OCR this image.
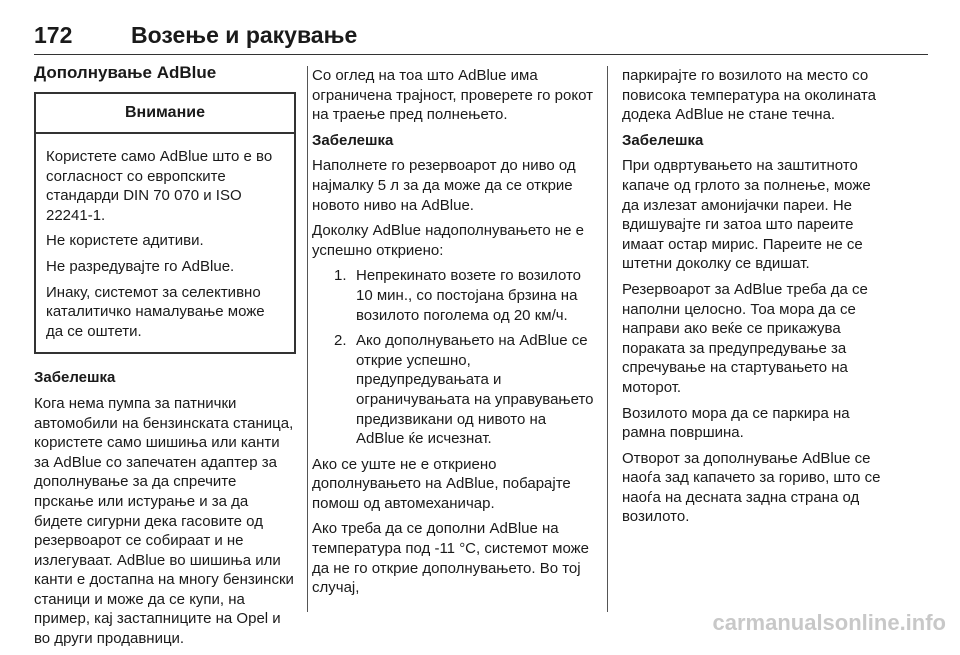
172	Возење и ракување
Дополнување AdBlue
Внимание

Користете само AdBlue што е во согласност со европските стандарди DIN 70 070 и ISO 22241-1.

Не користете адитиви.

Не разредувајте го AdBlue.

Инаку, системот за селективно каталитичко намалување може да се оштети.

Забелешка

Кога нема пумпа за патнички автомобили на бензинската станица, користете само шишиња или канти за AdBlue со запечатен адаптер за дополнување за да спречите прскање или истурање и за да бидете сигурни дека гасовите од резервоарот се собираат и не излегуваат. AdBlue во шишиња или канти е достапна на многу бензински станици и може да се купи, на пример, кај застапниците на Opel и во други продавници.

Со оглед на тоа што AdBlue има ограничена трајност, проверете го рокот на траење пред полнењето.

Забелешка

Наполнете го резервоарот до ниво од најмалку 5 л за да може да се открие новото ниво на AdBlue.

Доколку AdBlue надополнувањето не е успешно откриено:

1. Непрекинато возете го возилото 10 мин., со постојана брзина на возилото поголема од 20 км/ч.
2. Ако дополнувањето на AdBlue се открие успешно, предупредувањата и ограничувањата на управувањето предизвикани од нивото на AdBlue ќе исчезнат.

Ако се уште не е откриено дополнувањето на AdBlue, побарајте помош од автомеханичар.

Ако треба да се дополни AdBlue на температура под -11 °C, системот може да не го открие дополнувањето. Во тој случај,

паркирајте го возилото на место со повисока температура на околината додека AdBlue не стане течна.

Забелешка

При одвртувањето на заштитното капаче од грлото за полнење, може да излезат амонијачки пареи. Не вдишувајте ги затоа што пареите имаат остар мирис. Пареите не се штетни доколку се вдишат.

Резервоарот за AdBlue треба да се наполни целосно. Тоа мора да се направи ако веќе се прикажува пораката за предупредување за спречување на стартувањето на моторот.

Возилото мора да се паркира на рамна површина.

Отворот за дополнување AdBlue се наоѓа зад капачето за гориво, што се наоѓа на десната задна страна од возилото.

carmanualsonline.info
